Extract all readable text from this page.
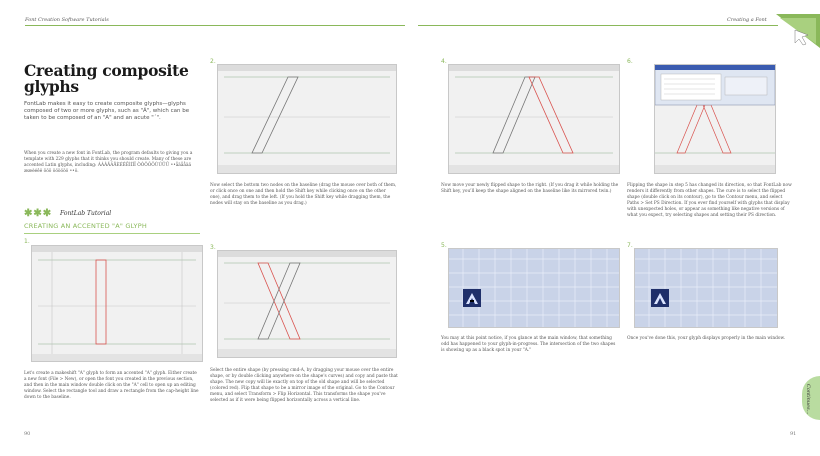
Font Creation Software Tutorials	Creating a Font
Creating composite glyphs
FontLab makes it easy to create composite glyphs—glyphs composed of two or more glyphs, such as "Á", which can be taken to be composed of an "A" and an acute "´".
When you create a new font in FontLab, the program defaults to giving you a template with 229 glyphs that it thinks you should create. Many of these are accented Latin glyphs, including: ÀÁÂÃÄÅÈÉÊËÌÍÎÏ ÒÓÔÕÖÙÚÛÜ ••åäååää ææèéêë ôöô öööööö ••ö.
✱✱✱ FontLab Tutorial
CREATING AN ACCENTED "A" GLYPH
1.
Let's create a makeshift "A" glyph to form an accented "A" glyph. Either create a new font (File > New), or open the font you created in the previous section, and then in the main window double click on the "A" cell to open up an editing window. Select the rectangle tool and draw a rectangle from the cap-height line down to the baseline.
2.
Now select the bottom two nodes on the baseline (drag the mouse over both of them, or click once on one and then hold the Shift key while clicking once on the other one), and drag them to the left. (If you hold the Shift key while dragging them, the nodes will stay on the baseline as you drag.)
3.
Select the entire shape (by pressing cmd-A, by dragging your mouse over the entire shape, or by double clicking anywhere on the shape's curves) and copy and paste that shape. The new copy will lie exactly on top of the old shape and will be selected (colored red). Flip that shape to be a mirror image of the original. Go to the Contour menu, and select Transform > Flip Horizontal. This transforms the shape you've selected as if it were being flipped horizontally across a vertical line.
90
4.
Now move your newly flipped shape to the right. (If you drag it while holding the Shift key, you'll keep the shape aligned on the baseline like its mirrored twin.)
5.
You may at this point notice, if you glance at the main window, that something odd has happened to your glyph-in-progress. The intersection of the two shapes is showing up as a black spot in your "A."
6.
Flipping the shape in step 5 has changed its direction, so that FontLab now renders it differently from other shapes. The cure is to select the flipped shape (double click on its contour), go to the Contour menu, and select Paths > Set PS Direction. If you ever find yourself with glyphs that display with unexpected holes, or appear as something like negative versions of what you expect, try selecting shapes and setting their PS direction.
7.
Once you've done this, your glyph displays properly in the main window.
91
Continues...
